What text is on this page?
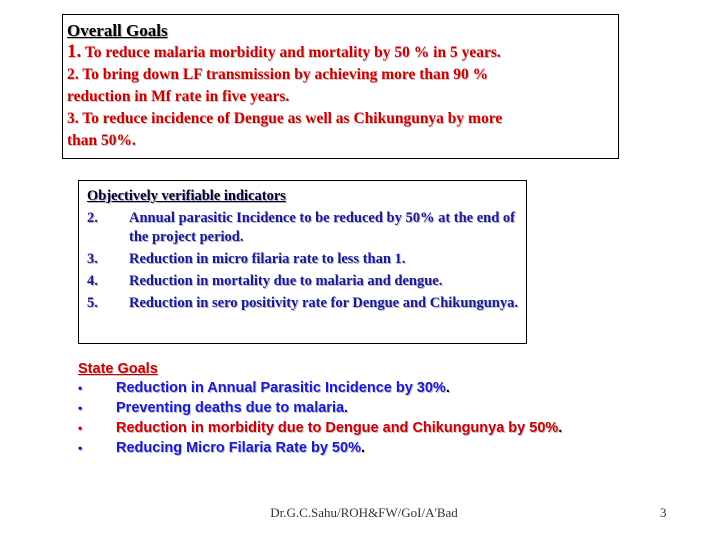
Overall Goals
1. To reduce malaria morbidity and mortality by 50 % in 5 years.
2. To bring down LF transmission by achieving more than 90 %
reduction in Mf rate in five years.
3. To reduce incidence of Dengue as well as Chikungunya by more
than 50%.
Objectively verifiable indicators
2.	Annual parasitic Incidence to be reduced by 50% at the end of the project period.
3.	Reduction in micro filaria rate to less than 1.
4.	Reduction in mortality due to malaria and dengue.
5.	Reduction in sero positivity rate for Dengue and Chikungunya.
State Goals
•	Reduction in Annual Parasitic Incidence by 30%.
•	Preventing deaths due to malaria.
•	Reduction in morbidity due to Dengue and Chikungunya by 50%.
•	Reducing Micro Filaria Rate by 50%.
Dr.G.C.Sahu/ROH&FW/GoI/A'Bad	3
